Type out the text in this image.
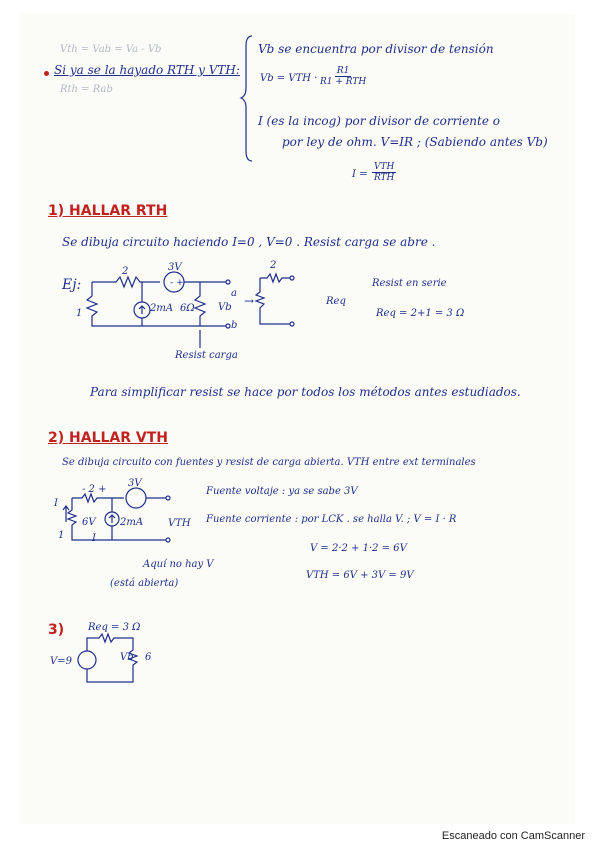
Vth = Vab = Va - Vb
Rth = Rab
Si ya se la hayado RTH y VTH:
Vb se encuentra por divisor de tensión
Vb = VTH ·
R1
R1 + RTH
I (es la incog) por divisor de corriente o
por ley de ohm. V=IR ; (Sabiendo antes Vb)
I =
VTH
RTH
1) HALLAR RTH
Se dibuja circuito haciendo I=0 , V=0 . Resist carga se abre .
Ej:	- +
2	3V
1	2mA 6Ω Vb
a
b
→
Resist carga
2
Req
Resist en serie
Req = 2+1 = 3 Ω
Para simplificar resist se hace por todos los métodos antes estudiados.
2) HALLAR VTH
Se dibuja circuito con fuentes y resist de carga abierta. VTH entre ext terminales
- 2 +
3V
I
1
6V 2mA
I
VTH
Aquí no hay V
(está abierta)
Fuente voltaje : ya se sabe 3V
Fuente corriente : por LCK . se halla V. ; V = I · R
V = 2·2 + 1·2 = 6V
VTH = 6V + 3V = 9V
3) Req = 3 Ω
Vb 6
V=9
Escaneado con CamScanner
